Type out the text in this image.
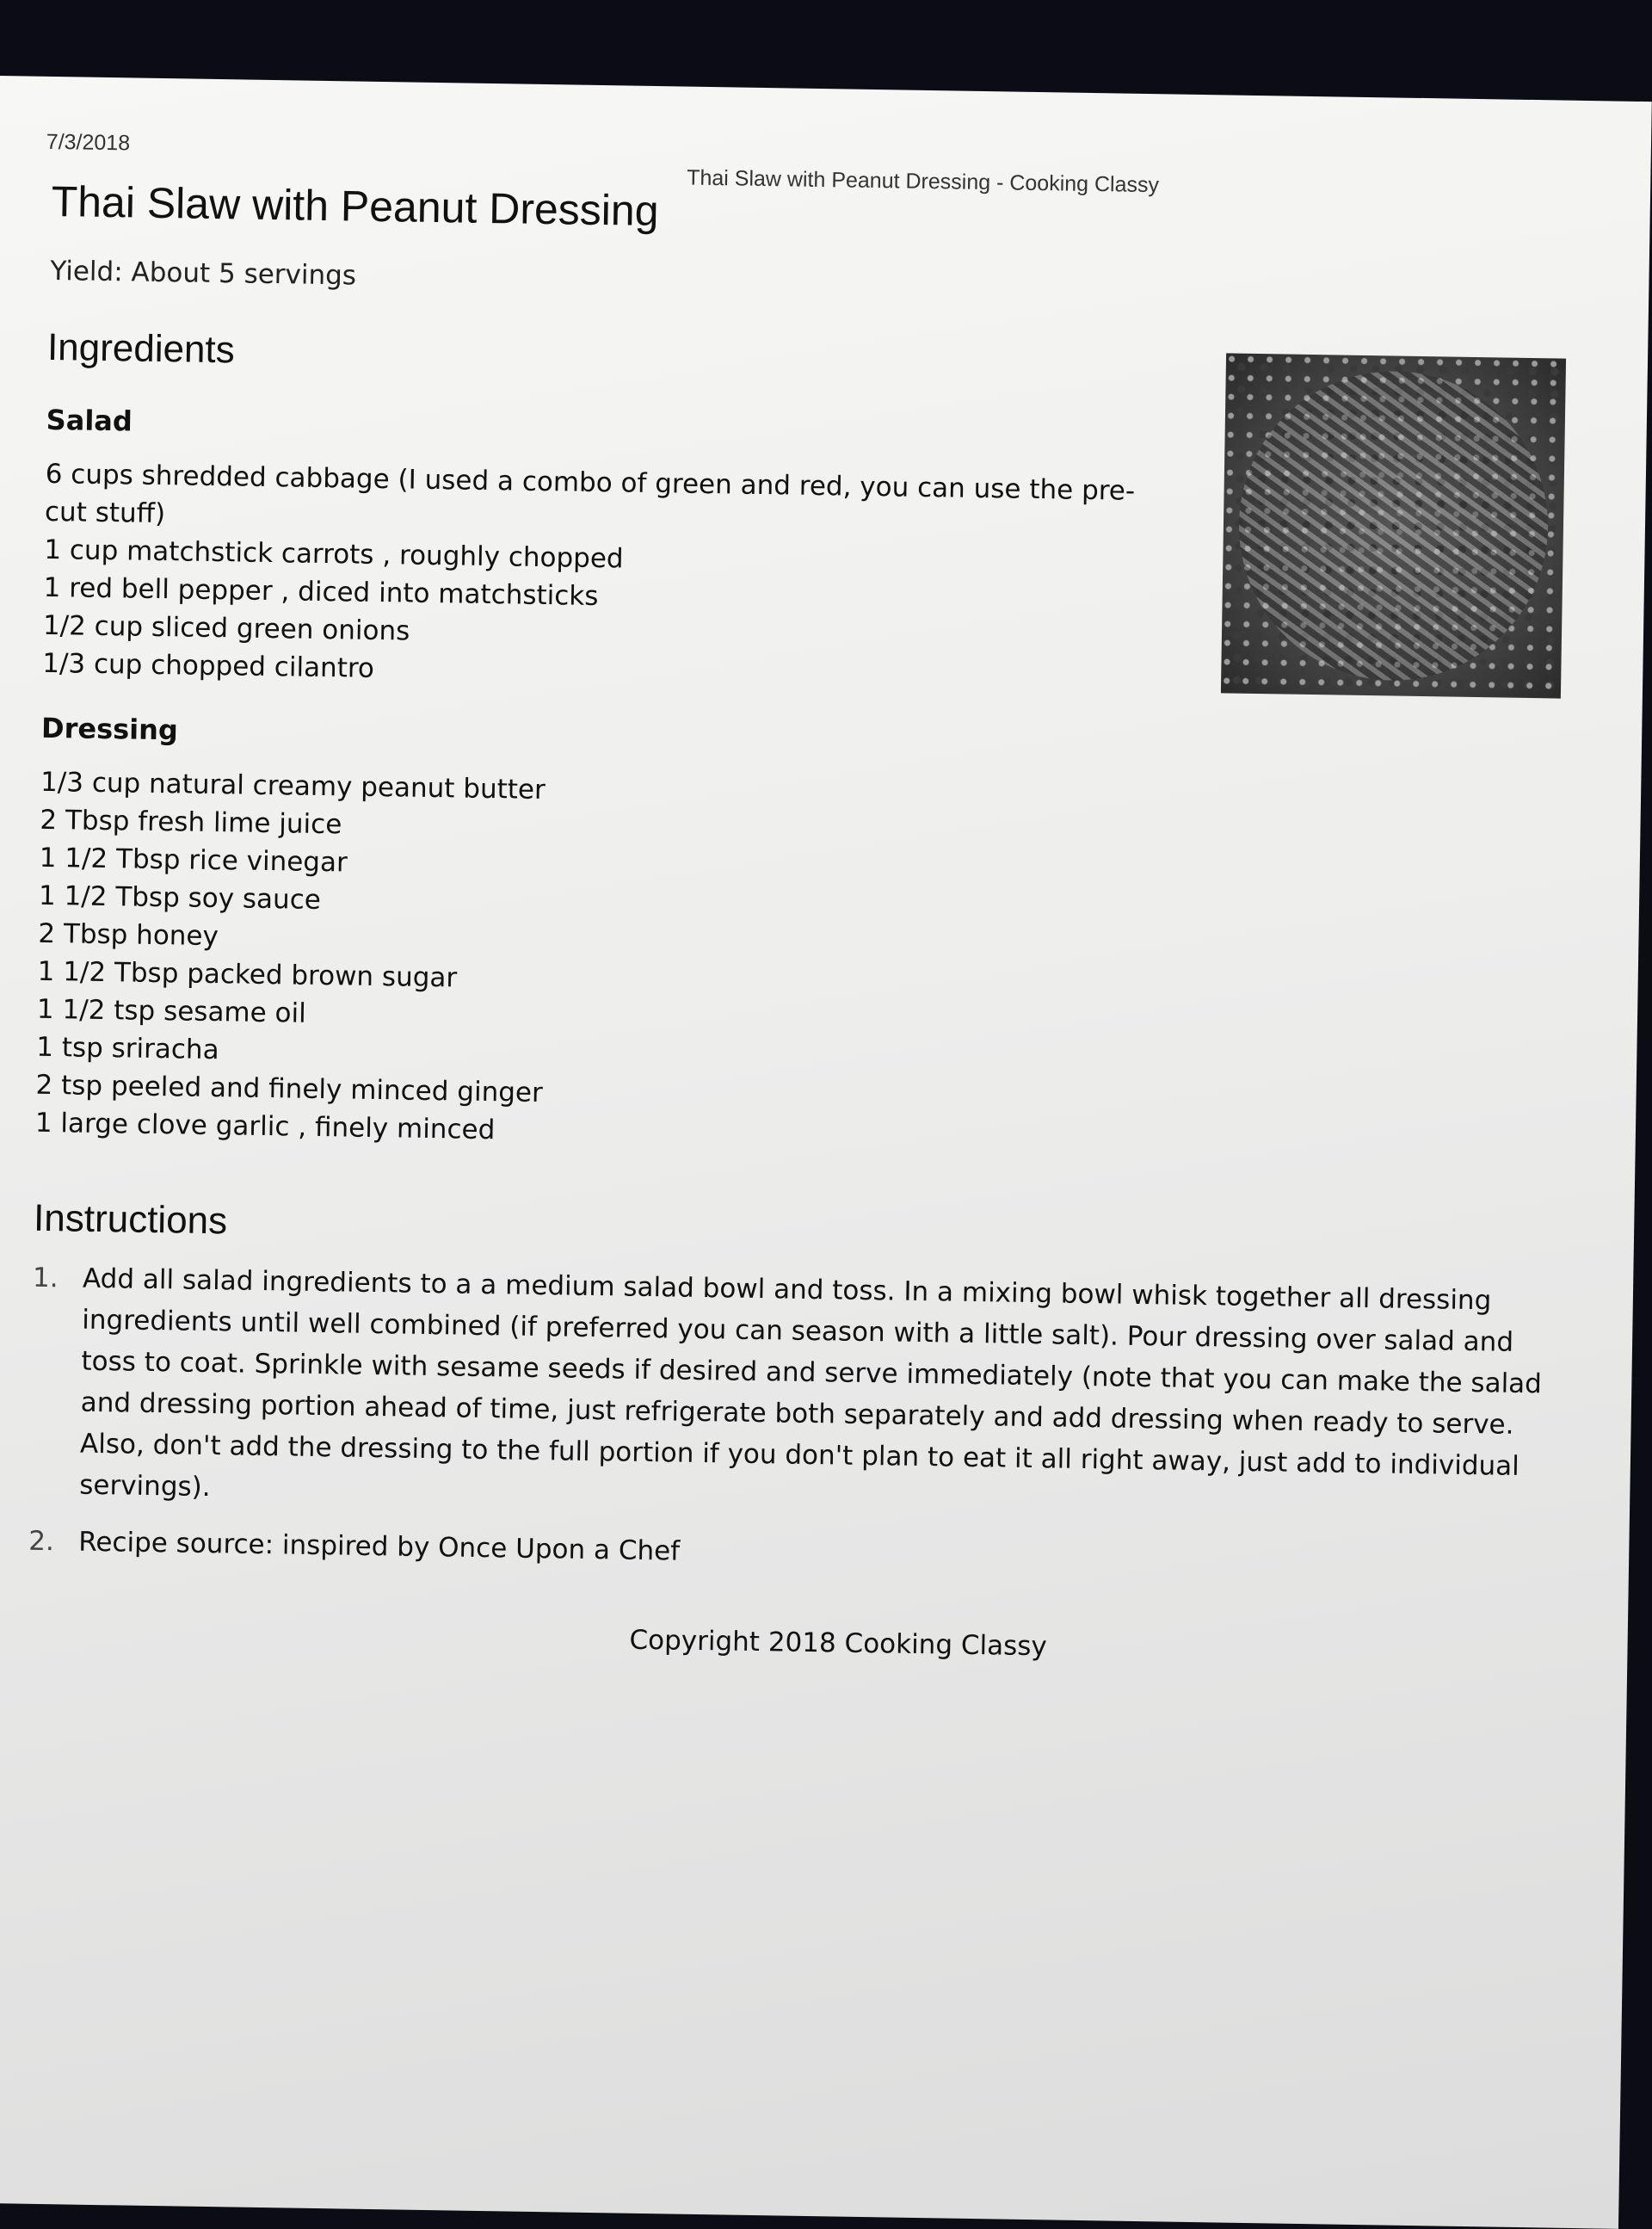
7/3/2018
Thai Slaw with Peanut Dressing - Cooking Classy
Thai Slaw with Peanut Dressing
Yield: About 5 servings
Ingredients
Salad
6 cups shredded cabbage (I used a combo of green and red, you can use the pre-cut stuff)
1 cup matchstick carrots , roughly chopped
1 red bell pepper , diced into matchsticks
1/2 cup sliced green onions
1/3 cup chopped cilantro
Dressing
1/3 cup natural creamy peanut butter
2 Tbsp fresh lime juice
1 1/2 Tbsp rice vinegar
1 1/2 Tbsp soy sauce
2 Tbsp honey
1 1/2 Tbsp packed brown sugar
1 1/2 tsp sesame oil
1 tsp sriracha
2 tsp peeled and finely minced ginger
1 large clove garlic , finely minced
Instructions
1. Add all salad ingredients to a a medium salad bowl and toss. In a mixing bowl whisk together all dressing ingredients until well combined (if preferred you can season with a little salt). Pour dressing over salad and toss to coat. Sprinkle with sesame seeds if desired and serve immediately (note that you can make the salad and dressing portion ahead of time, just refrigerate both separately and add dressing when ready to serve. Also, don't add the dressing to the full portion if you don't plan to eat it all right away, just add to individual servings).
2. Recipe source: inspired by Once Upon a Chef
Copyright 2018 Cooking Classy
